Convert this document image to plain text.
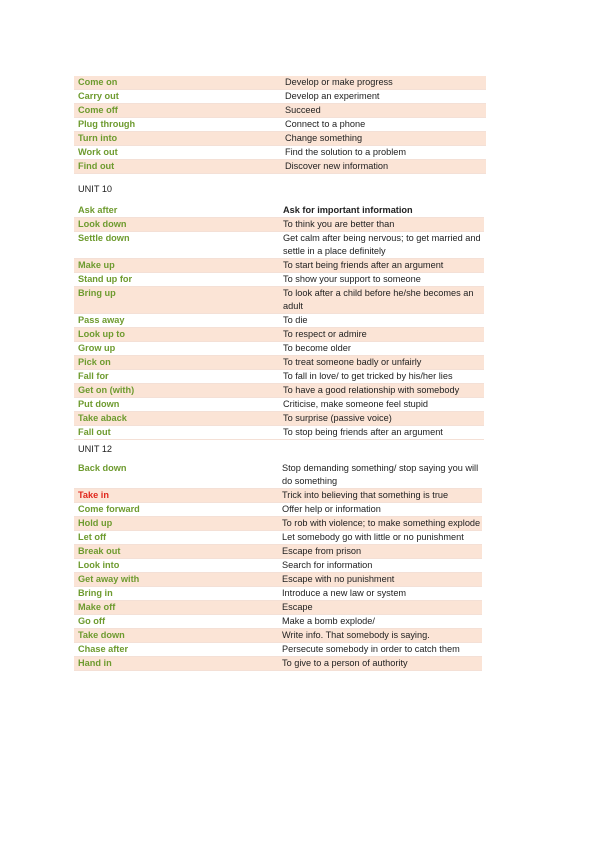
Come on	Develop or make progress
Carry out	Develop an experiment
Come off	Succeed
Plug through	Connect to a phone
Turn into	Change something
Work out	Find the solution to a problem
Find out	Discover new information
UNIT 10
Ask after	Ask for important information
Look down	To think you are better than
Settle down	Get calm after being nervous; to get married and settle in a place definitely
Make up	To start being friends after an argument
Stand up for	To show your support to someone
Bring up	To look after a child before he/she becomes an adult
Pass away	To die
Look up to	To respect or admire
Grow up	To become older
Pick on	To treat someone badly or unfairly
Fall for	To fall in love/ to get tricked by his/her lies
Get on (with)	To have a good relationship with somebody
Put down	Criticise, make someone feel stupid
Take aback	To surprise (passive voice)
Fall out	To stop being friends after an argument
UNIT 12
Back down	Stop demanding something/ stop saying you will do something
Take in	Trick into believing that something is true
Come forward	Offer help or information
Hold up	To rob with violence; to make something explode
Let off	Let somebody go with little or no punishment
Break out	Escape from prison
Look into	Search for information
Get away with	Escape with no punishment
Bring in	Introduce a new law or system
Make off	Escape
Go off	Make a bomb explode/
Take down	Write info. That somebody is saying.
Chase after	Persecute somebody in order to catch them
Hand in	To give to a person of authority
